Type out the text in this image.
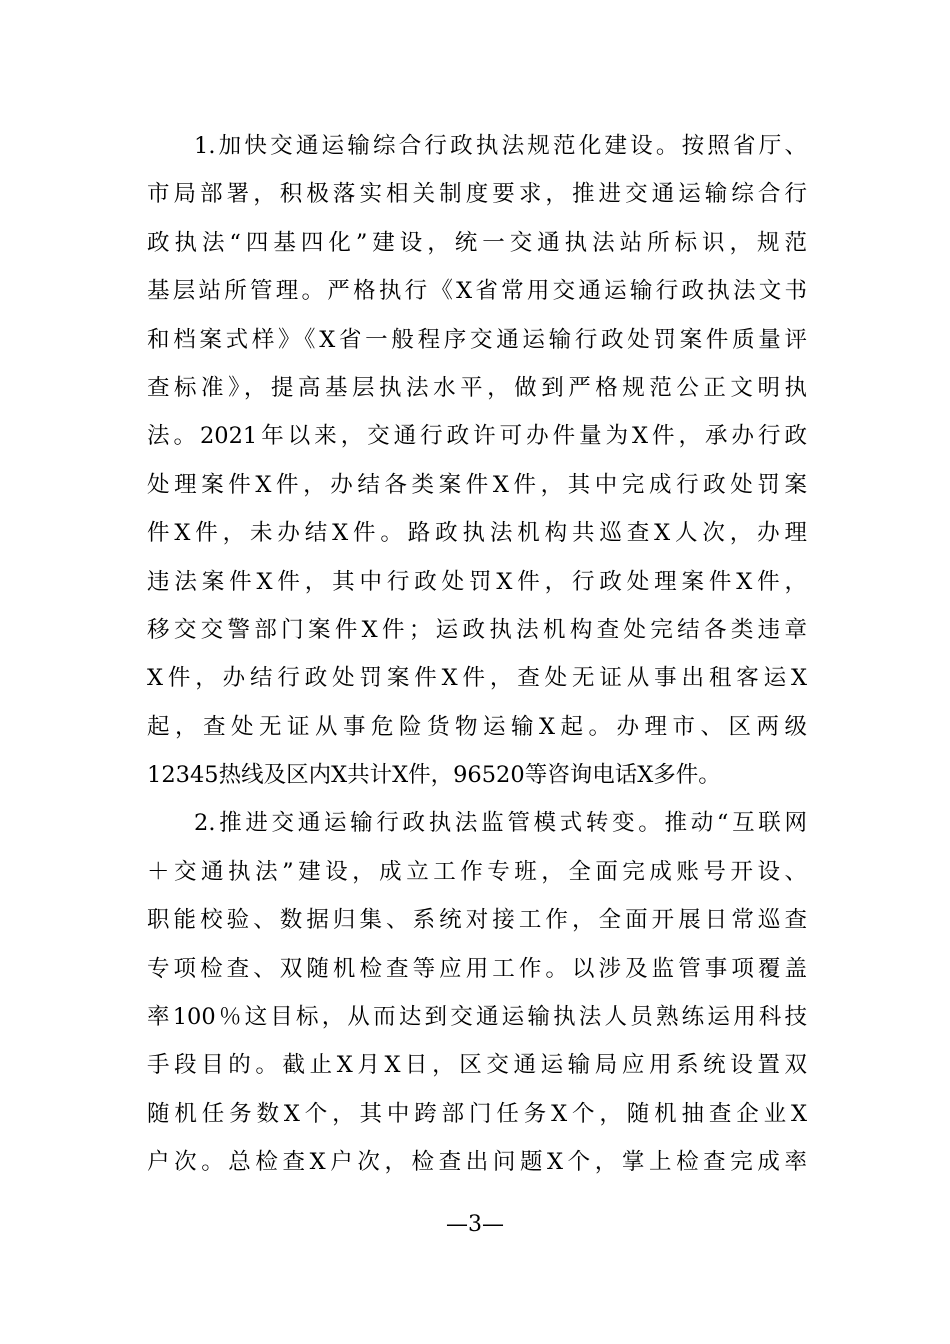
1.加快交通运输综合行政执法规范化建设。按照省厅、
市局部署，积极落实相关制度要求，推进交通运输综合行
政执法“四基四化”建设，统一交通执法站所标识，规范
基层站所管理。严格执行《X省常用交通运输行政执法文书
和档案式样》《X省一般程序交通运输行政处罚案件质量评
查标准》，提高基层执法水平，做到严格规范公正文明执
法。2021年以来，交通行政许可办件量为X件，承办行政
处理案件X件，办结各类案件X件，其中完成行政处罚案
件X件，未办结X件。路政执法机构共巡查X人次，办理
违法案件X件，其中行政处罚X件，行政处理案件X件，
移交交警部门案件X件；运政执法机构查处完结各类违章
X件，办结行政处罚案件X件，查处无证从事出租客运X
起，查处无证从事危险货物运输X起。办理市、区两级
12345热线及区内X共计X件，96520等咨询电话X多件。
2.推进交通运输行政执法监管模式转变。推动“互联网
＋交通执法”建设，成立工作专班，全面完成账号开设、
职能校验、数据归集、系统对接工作，全面开展日常巡查
专项检查、双随机检查等应用工作。以涉及监管事项覆盖
率100％这目标，从而达到交通运输执法人员熟练运用科技
手段目的。截止X月X日，区交通运输局应用系统设置双
随机任务数X个，其中跨部门任务X个，随机抽查企业X
户次。总检查X户次，检查出问题X个，掌上检查完成率
—3—
